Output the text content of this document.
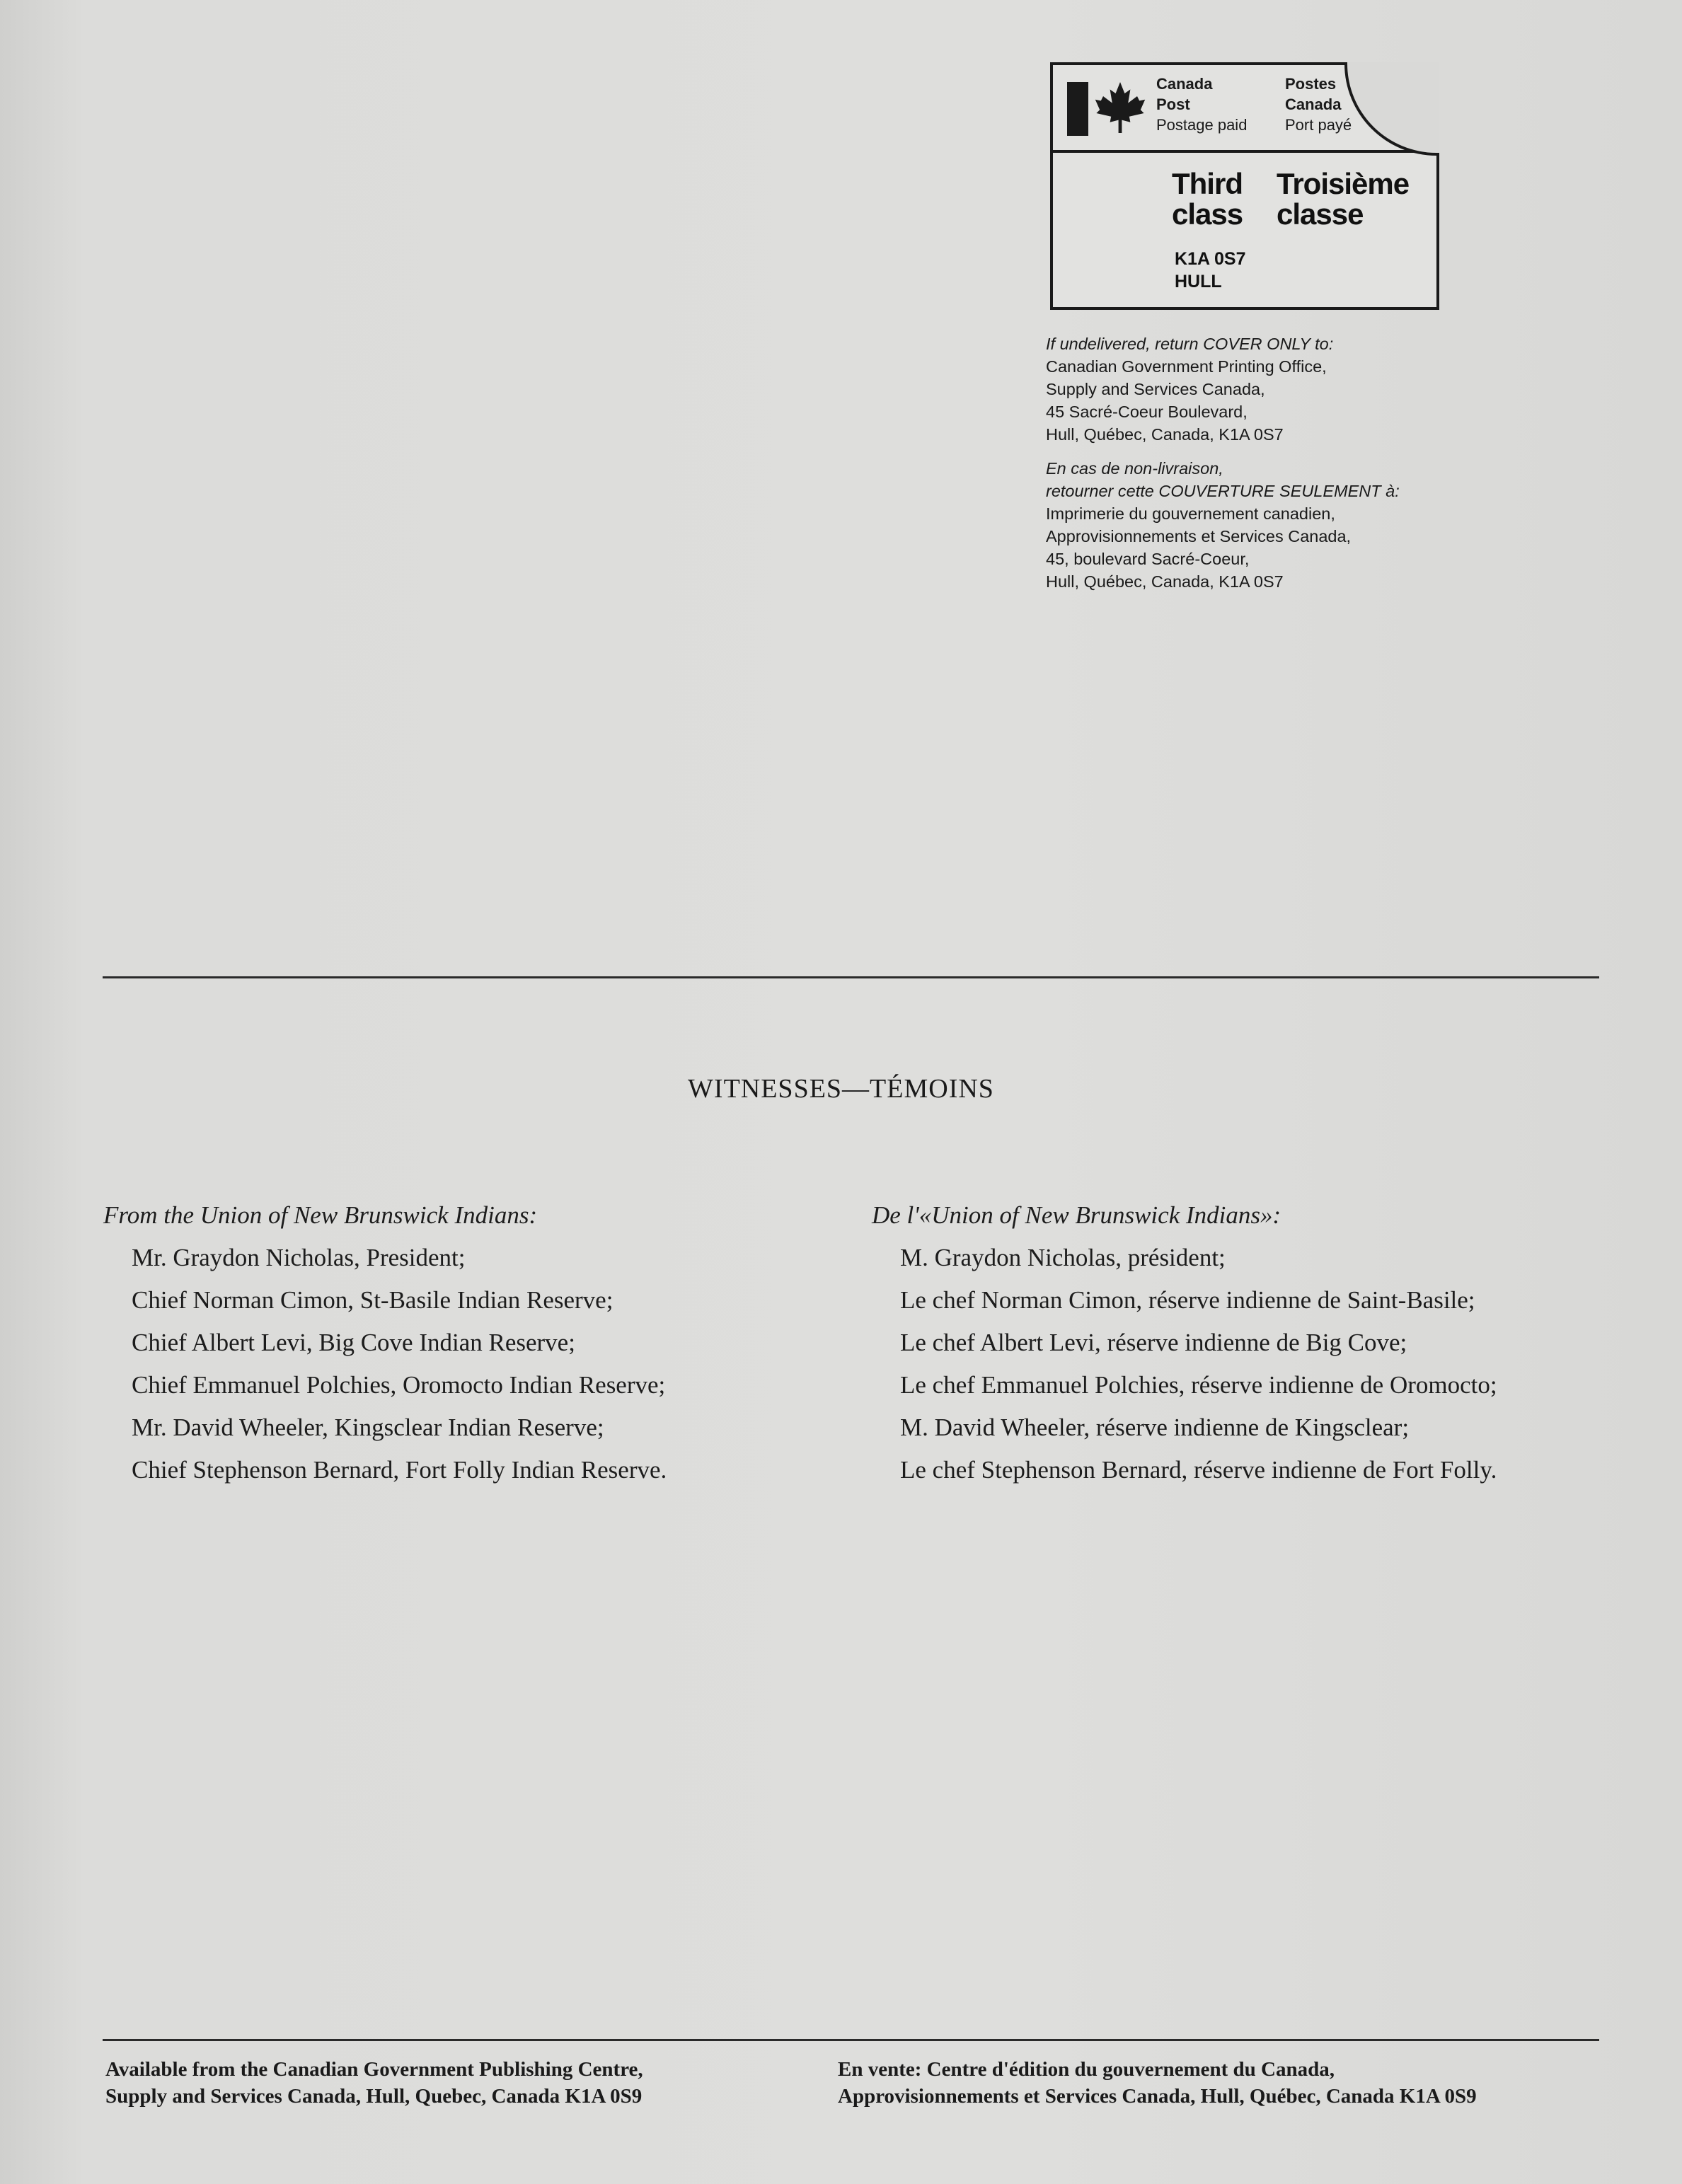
Canada
Post
Postage paid
Postes
Canada
Port payé
Third
class
Troisième
classe
K1A 0S7
HULL

If undelivered, return COVER ONLY to:

Canadian Government Printing Office,

Supply and Services Canada,

45 Sacré-Coeur Boulevard,

Hull, Québec, Canada, K1A 0S7

En cas de non-livraison,

retourner cette COUVERTURE SEULEMENT à:

Imprimerie du gouvernement canadien,

Approvisionnements et Services Canada,

45, boulevard Sacré-Coeur,

Hull, Québec, Canada, K1A 0S7

WITNESSES—TÉMOINS

From the Union of New Brunswick Indians:

Mr. Graydon Nicholas, President;

Chief Norman Cimon, St-Basile Indian Reserve;

Chief Albert Levi, Big Cove Indian Reserve;

Chief Emmanuel Polchies, Oromocto Indian Reserve;

Mr. David Wheeler, Kingsclear Indian Reserve;

Chief Stephenson Bernard, Fort Folly Indian Reserve.

De l'«Union of New Brunswick Indians»:

M. Graydon Nicholas, président;

Le chef Norman Cimon, réserve indienne de Saint-Basile;

Le chef Albert Levi, réserve indienne de Big Cove;

Le chef Emmanuel Polchies, réserve indienne de Oromocto;

M. David Wheeler, réserve indienne de Kingsclear;

Le chef Stephenson Bernard, réserve indienne de Fort Folly.

Available from the Canadian Government Publishing Centre,

Supply and Services Canada, Hull, Quebec, Canada K1A 0S9

En vente: Centre d'édition du gouvernement du Canada,

Approvisionnements et Services Canada, Hull, Québec, Canada K1A 0S9
